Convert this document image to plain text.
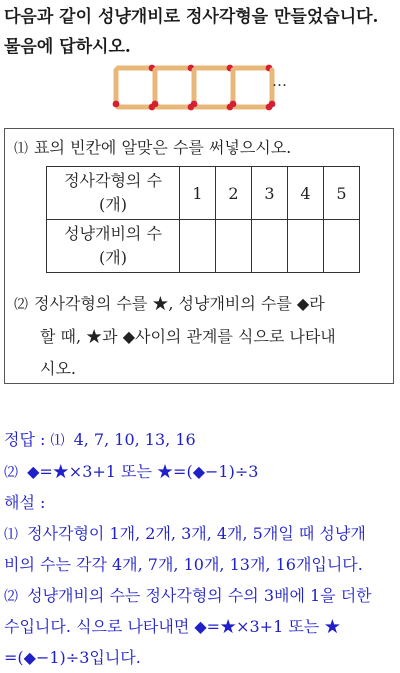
다음과 같이 성냥개비로 정사각형을 만들었습니다.
물음에 답하시오.
…
⑴ 표의 빈칸에 알맞은 수를 써넣으시오.
정사각형의 수
(개)	1	2	3	4	5

성냥개비의 수
(개)					

⑵ 정사각형의 수를 ★, 성냥개비의 수를 ◆라
할 때, ★과 ◆사이의 관계를 식으로 나타내
시오.
정답 : ⑴ 4, 7, 10, 13, 16
⑵ ◆=★×3+1 또는 ★=(◆−1)÷3
해설 :
⑴ 정사각형이 1개, 2개, 3개, 4개, 5개일 때 성냥개
비의 수는 각각 4개, 7개, 10개, 13개, 16개입니다.
⑵ 성냥개비의 수는 정사각형의 수의 3배에 1을 더한
수입니다. 식으로 나타내면 ◆=★×3+1 또는 ★
=(◆−1)÷3입니다.
